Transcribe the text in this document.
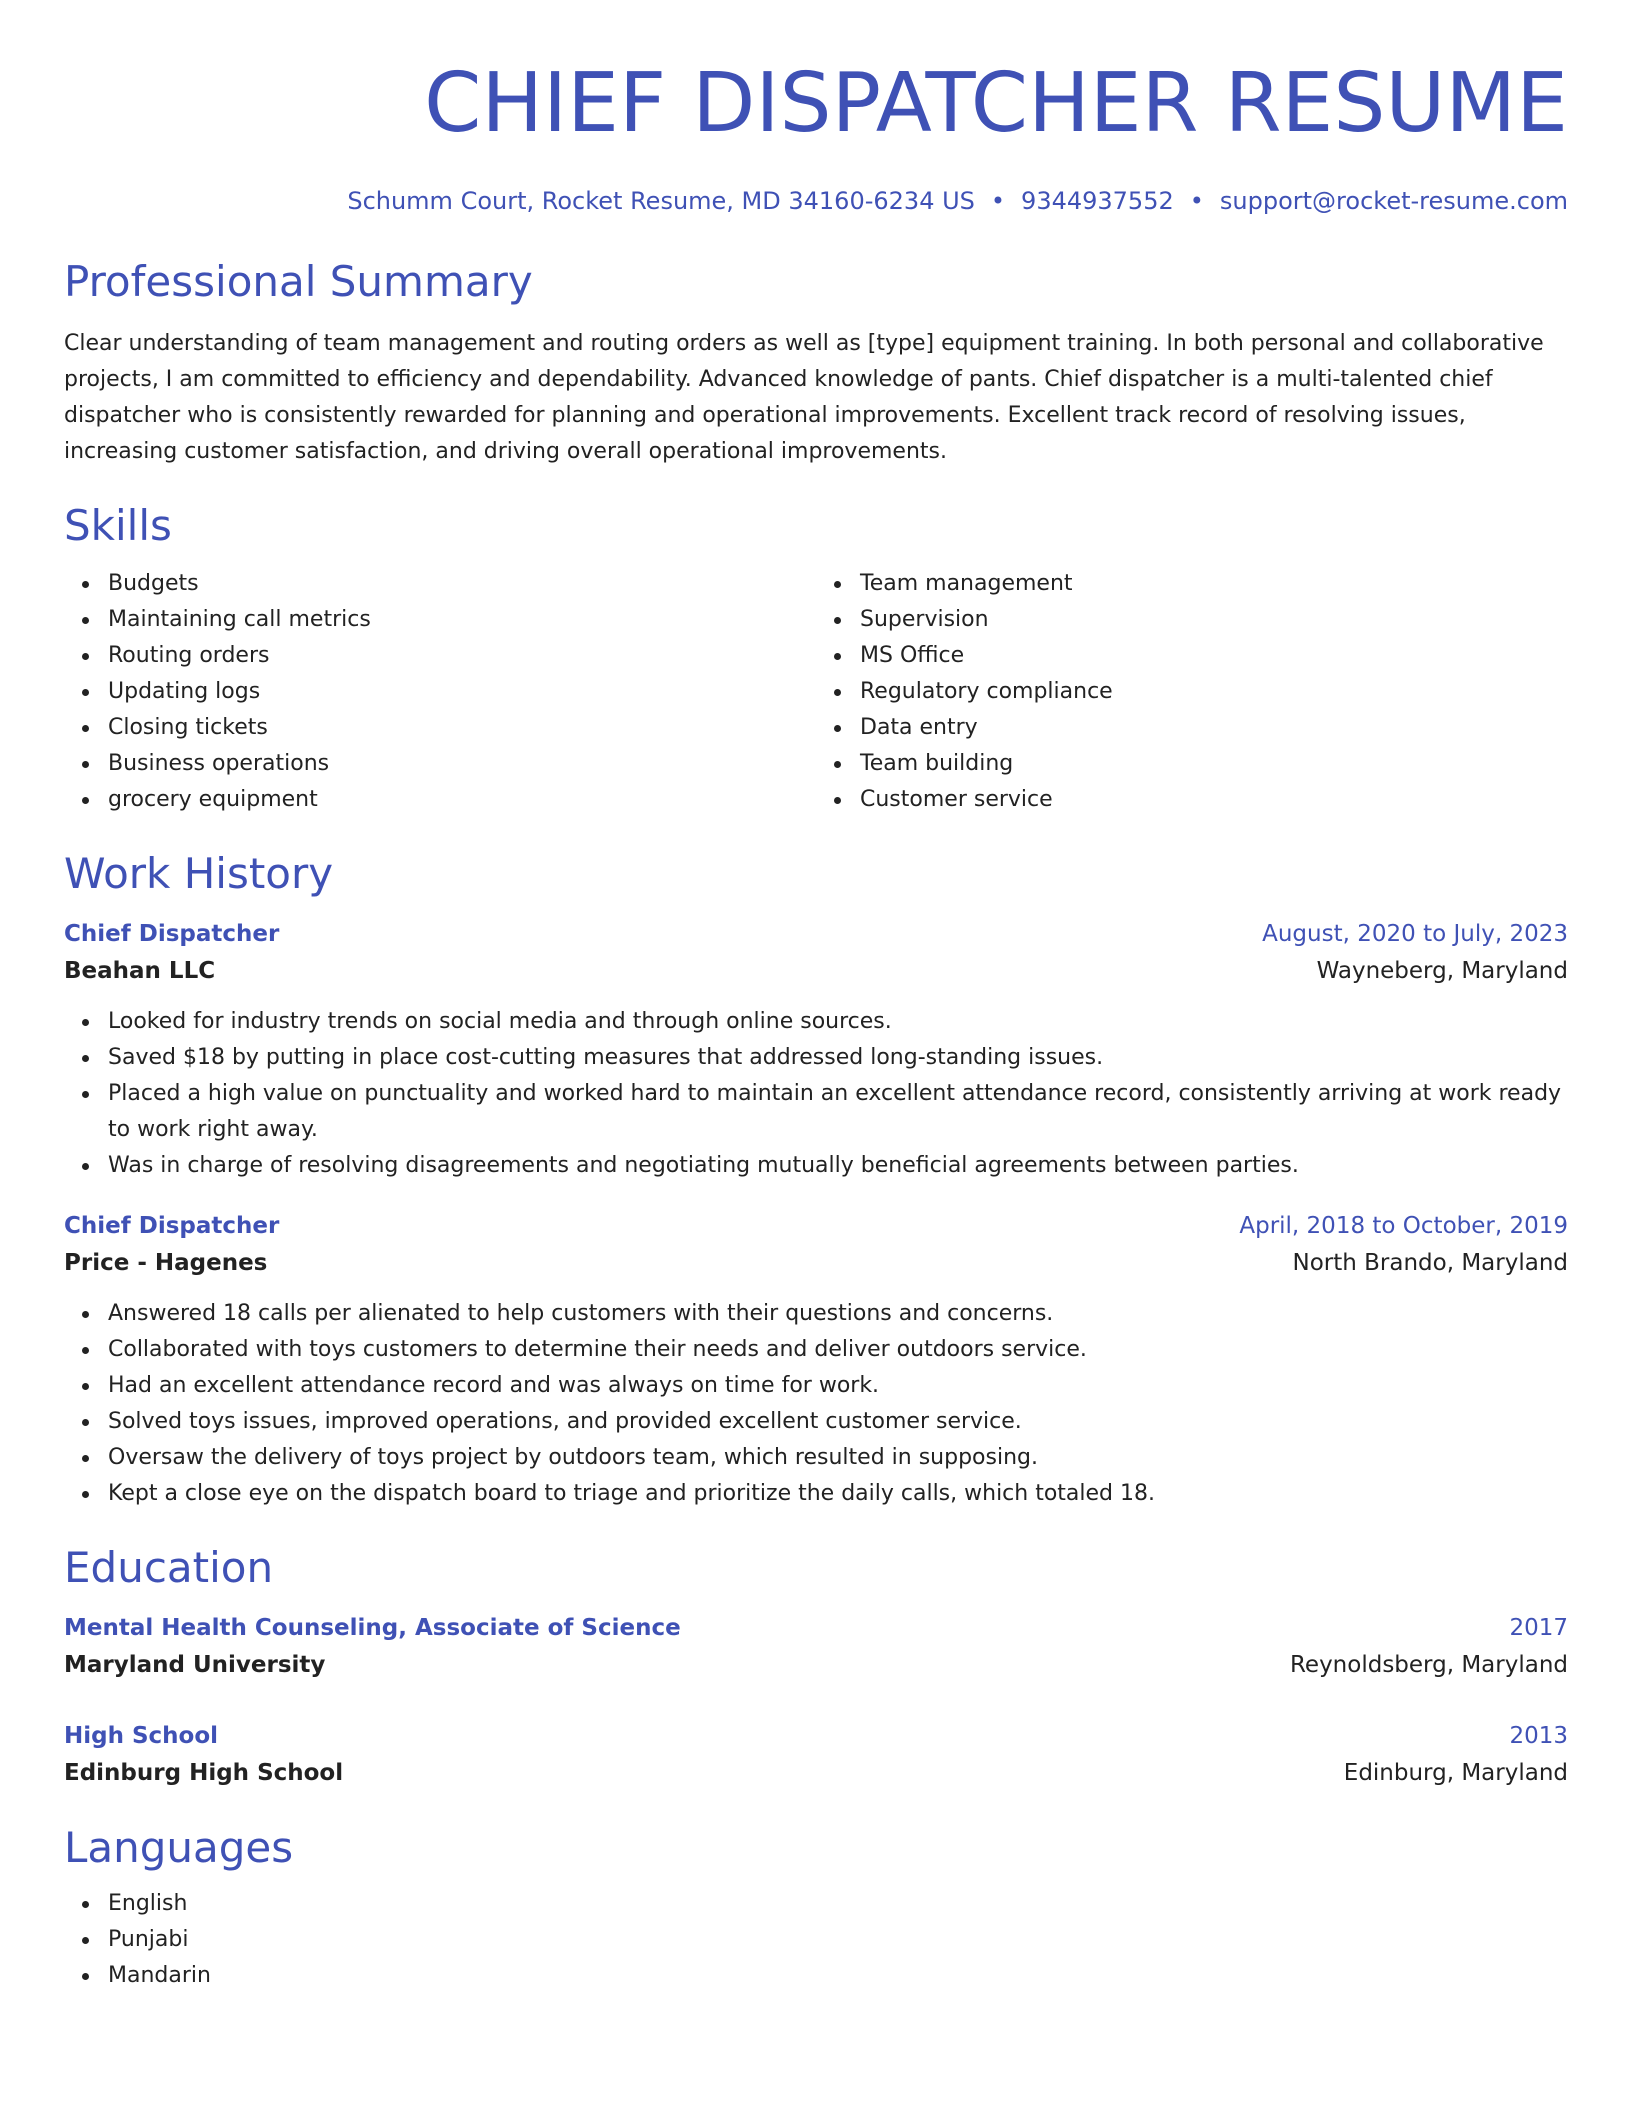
CHIEF DISPATCHER RESUME
Schumm Court, Rocket Resume, MD 34160-6234 US • 9344937552 • support@rocket-resume.com
Professional Summary
Clear understanding of team management and routing orders as well as [type] equipment training. In both personal and collaborative projects, I am committed to efficiency and dependability. Advanced knowledge of pants. Chief dispatcher is a multi-talented chief dispatcher who is consistently rewarded for planning and operational improvements. Excellent track record of resolving issues, increasing customer satisfaction, and driving overall operational improvements.
Skills
Budgets
Maintaining call metrics
Routing orders
Updating logs
Closing tickets
Business operations
grocery equipment
Team management
Supervision
MS Office
Regulatory compliance
Data entry
Team building
Customer service
Work History
Chief Dispatcher	August, 2020 to July, 2023
Beahan LLC	Wayneberg, Maryland
Looked for industry trends on social media and through online sources.
Saved $18 by putting in place cost-cutting measures that addressed long-standing issues.
Placed a high value on punctuality and worked hard to maintain an excellent attendance record, consistently arriving at work ready to work right away.
Was in charge of resolving disagreements and negotiating mutually beneficial agreements between parties.
Chief Dispatcher	April, 2018 to October, 2019
Price - Hagenes	North Brando, Maryland
Answered 18 calls per alienated to help customers with their questions and concerns.
Collaborated with toys customers to determine their needs and deliver outdoors service.
Had an excellent attendance record and was always on time for work.
Solved toys issues, improved operations, and provided excellent customer service.
Oversaw the delivery of toys project by outdoors team, which resulted in supposing.
Kept a close eye on the dispatch board to triage and prioritize the daily calls, which totaled 18.
Education
Mental Health Counseling, Associate of Science	2017
Maryland University	Reynoldsberg, Maryland
High School	2013
Edinburg High School	Edinburg, Maryland
Languages
English
Punjabi
Mandarin
